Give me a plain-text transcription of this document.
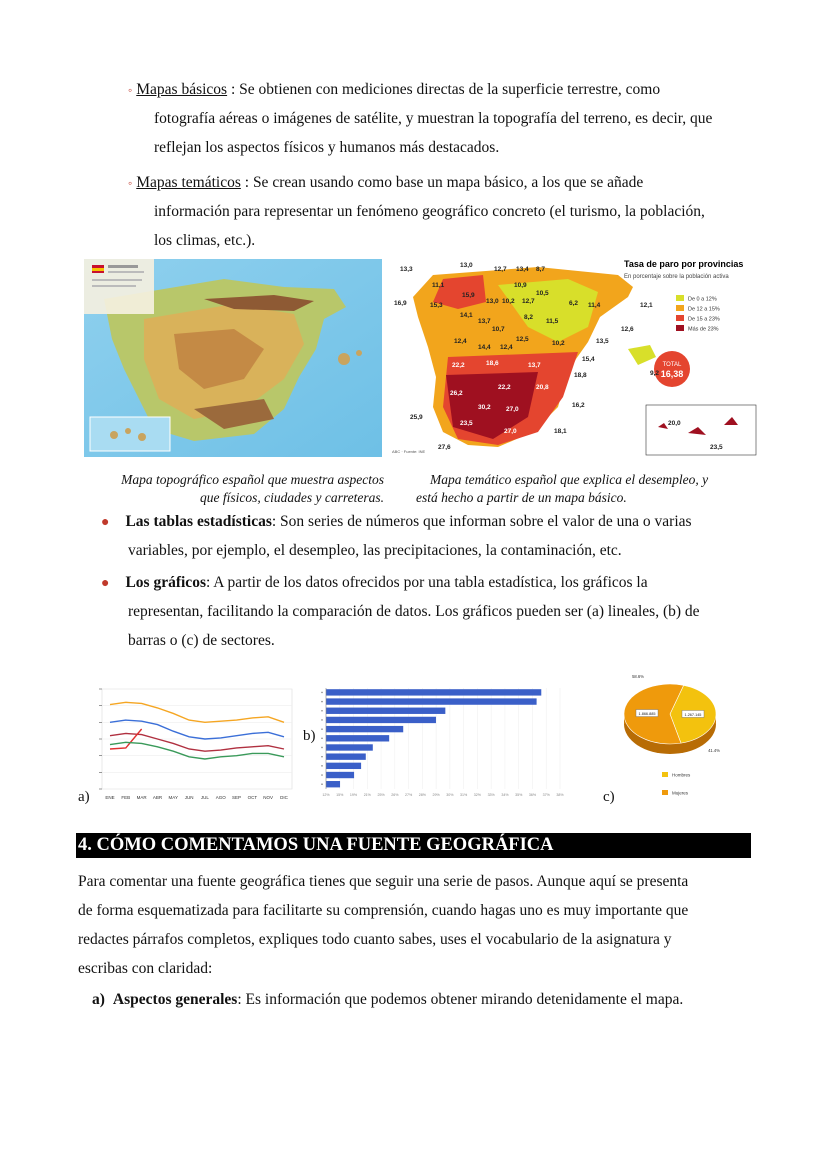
◦ Mapas básicos : Se obtienen con mediciones directas de la superficie terrestre, como
fotografía aéreas o imágenes de satélite, y muestran la topografía del terreno, es decir, que
reflejan los aspectos físicos y humanos más destacados.
◦ Mapas temáticos : Se crean usando como base un mapa básico, a los que se añade
información para representar un fenómeno geográfico concreto (el turismo, la población,
los climas, etc.).
TOTAL
16,38
Tasa de paro por provincias
En porcentaje sobre la población activa
De 0 a 12%
De 12 a 15%
De 15 a 23%
Más de 23%
13,3
13,0
12,7 13,4 8,7
11,1
15,9
10,9
10,5
16,9	15,3
13,0 10,2 12,7	6,2 11,4	12,1
14,1
13,7
8,2
11,5
12,6
10,7
12,4
14,4 12,4
12,5
10,2	13,5
22,2	18,6	13,7
15,4
18,8	9,2
26,2
22,2	20,8
30,2 27,0
16,2
25,9
23,5
27,0	18,1
27,6
20,9
27,6
20,0
23,5
ABC · Fuente: INE
Mapa topográfico español que muestra aspectos
que físicos, ciudades y carreteras.
Mapa temático español que explica el desempleo, y
está hecho a partir de un mapa básico.
● Las tablas estadísticas: Son series de números que informan sobre el valor de una o varias
variables, por ejemplo, el desempleo, las precipitaciones, la contaminación, etc.
● Los gráficos: A partir de los datos ofrecidos por una tabla estadística, los gráficos la
representan, facilitando la comparación de datos. Los gráficos pueden ser (a) lineales, (b) de
barras o (c) de sectores.
a)
b)
c)
ENE FEB MAR ABR MAY JUN JUL AGO SEP OCT NOV DIC	12% 15% 19% 21% 25% 26% 27% 28% 29% 30% 31% 32% 33% 34% 35% 36% 37% 38%
1.267.145
41.4%
Hombres
1.866.885
58.6%
Mujeres
4. CÓMO COMENTAMOS UNA FUENTE GEOGRÁFICA
Para comentar una fuente geográfica tienes que seguir una serie de pasos. Aunque aquí se presenta
de forma esquematizada para facilitarte su comprensión, cuando hagas uno es muy importante que
redactes párrafos completos, expliques todo cuanto sabes, uses el vocabulario de la asignatura y
escribas con claridad:
a) Aspectos generales: Es información que podemos obtener mirando detenidamente el mapa.
